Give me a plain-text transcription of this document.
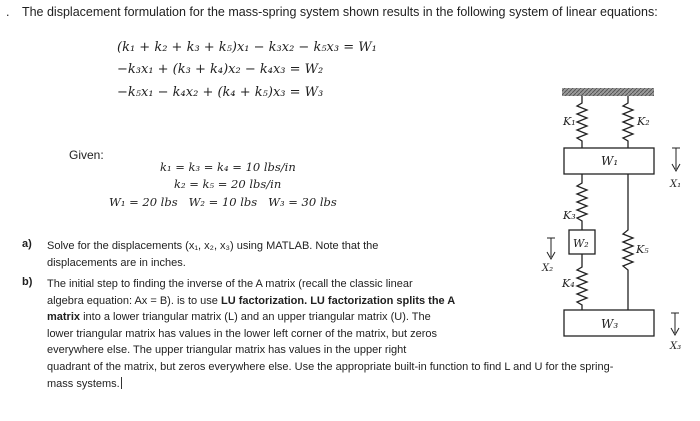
. The displacement formulation for the mass-spring system shown results in the following system of linear equations:
(k₁ + k₂ + k₃ + k₅)x₁ − k₃x₂ − k₅x₃ = W₁
−k₃x₁ + (k₃ + k₄)x₂ − k₄x₃ = W₂
−k₅x₁ − k₄x₂ + (k₄ + k₅)x₃ = W₃
Given:
k₁ = k₃ = k₄ = 10 lbs/in
k₂ = k₅ = 20 lbs/in
W₁ = 20 lbs   W₂ = 10 lbs   W₃ = 30 lbs
a) Solve for the displacements (x₁, x₂, x₃) using MATLAB. Note that the
displacements are in inches.
b) The initial step to finding the inverse of the A matrix (recall the classic linear
algebra equation: Ax = B). is to use LU factorization. LU factorization splits the A
matrix into a lower triangular matrix (L) and an upper triangular matrix (U). The
lower triangular matrix has values in the lower left corner of the matrix, but zeros
everywhere else. The upper triangular matrix has values in the upper right
quadrant of the matrix, but zeros everywhere else. Use the appropriate built-in function to find L and U for the spring-
mass systems.
K₁	K₂
W₁
X₁
K₃
K₅
W₂
X₂
K₄
W₃
X₃
